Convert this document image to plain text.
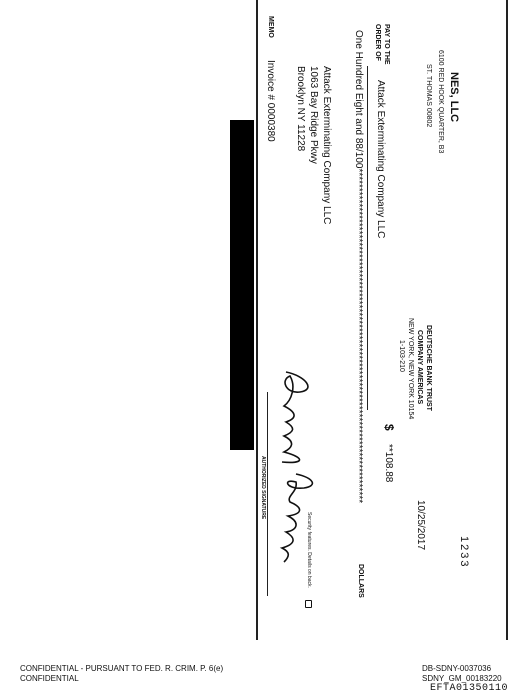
NES, LLC
6100 RED HOOK QUARTER, B3
ST. THOMAS 00802
DEUTSCHE BANK TRUST
COMPANY AMERICAS
NEW YORK, NEW YORK 10154
1-103-210
1233
10/25/2017
PAY TO THE
ORDER OF
Attack Exterminating Company LLC
$
**108.88
One Hundred Eight and 88/100**************************************************************************************
DOLLARS
Attack Exterminating Company LLC
1063 Bay Ridge Pkwy
Brooklyn NY 11228
MEMO
Invoice # 0000380
AUTHORIZED SIGNATURE
Security features. Details on back.
CONFIDENTIAL - PURSUANT TO FED. R. CRIM. P. 6(e)
CONFIDENTIAL
DB-SDNY-0037036
SDNY_GM_00183220
EFTA01350110
